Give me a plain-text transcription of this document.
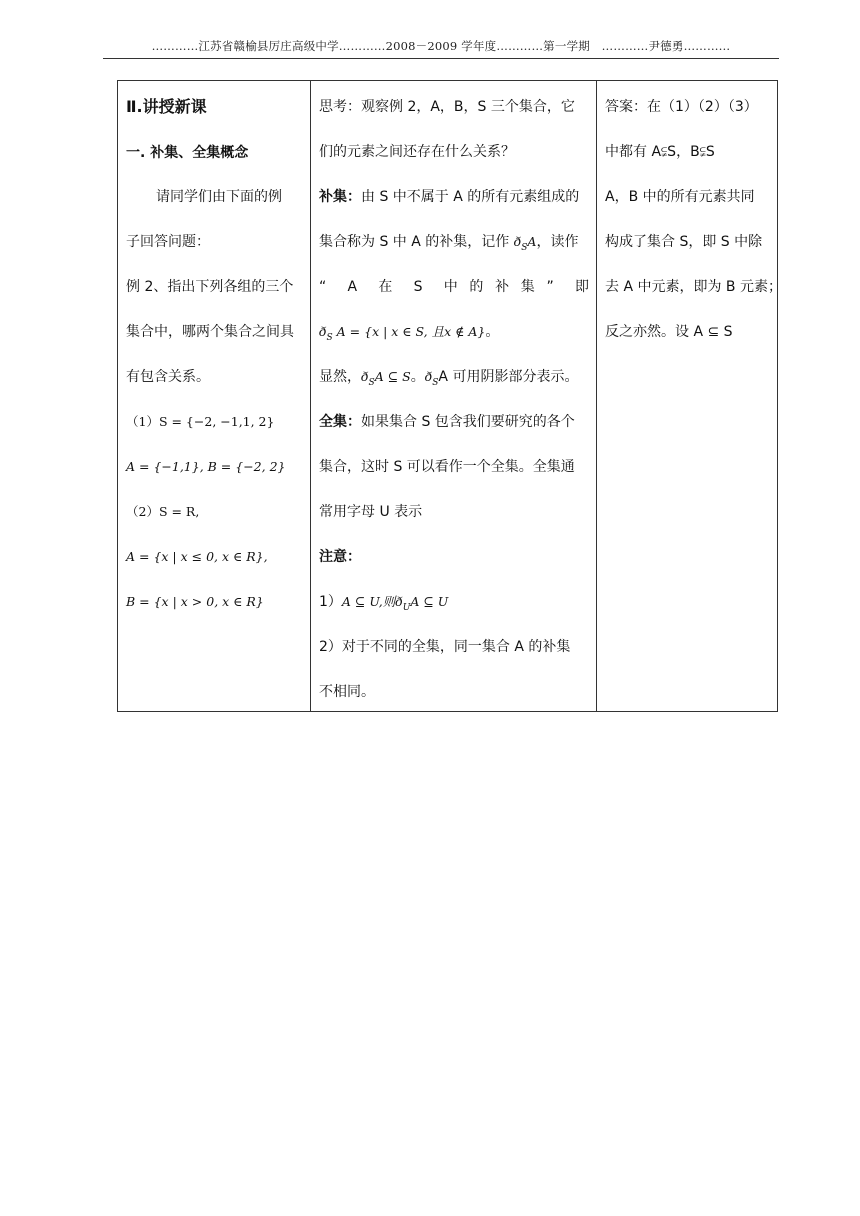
…………江苏省赣榆县厉庄高级中学…………2008－2009 学年度…………第一学期　…………尹德勇…………
Ⅱ.讲授新课
一. 补集、全集概念
请同学们由下面的例
子回答问题：
例 2、指出下列各组的三个
集合中，哪两个集合之间具
有包含关系。
（1）S = {−2, −1,1, 2}
A = {−1,1}, B = {−2, 2}
（2）S = R,
A = {x | x ≤ 0, x ∈ R},
B = {x | x > 0, x ∈ R}
思考：观察例 2，A，B，S 三个集合，它
们的元素之间还存在什么关系？
补集：由 S 中不属于 A 的所有元素组成的
集合称为 S 中 A 的补集，记作 $ð_SA$，读作
“　A　在　S　中 的 补 集 ”　即
$ð_S$ A = {x | x ∈ S, 且x ∉ A}。
显然，$ð_SA$ ⊆ S。$ð_SA$ 可用阴影部分表示。
全集：如果集合 S 包含我们要研究的各个
集合，这时 S 可以看作一个全集。全集通
常用字母 U 表示
注意：
1）A ⊆ U,则$ð_UA$ ⊆ U
2）对于不同的全集，同一集合 A 的补集
不相同。
答案：在（1）（2）（3）
中都有 A⫋S，B⫋S
A，B 中的所有元素共同
构成了集合 S，即 S 中除
去 A 中元素，即为 B 元素；
反之亦然。设 A ⊆ S
